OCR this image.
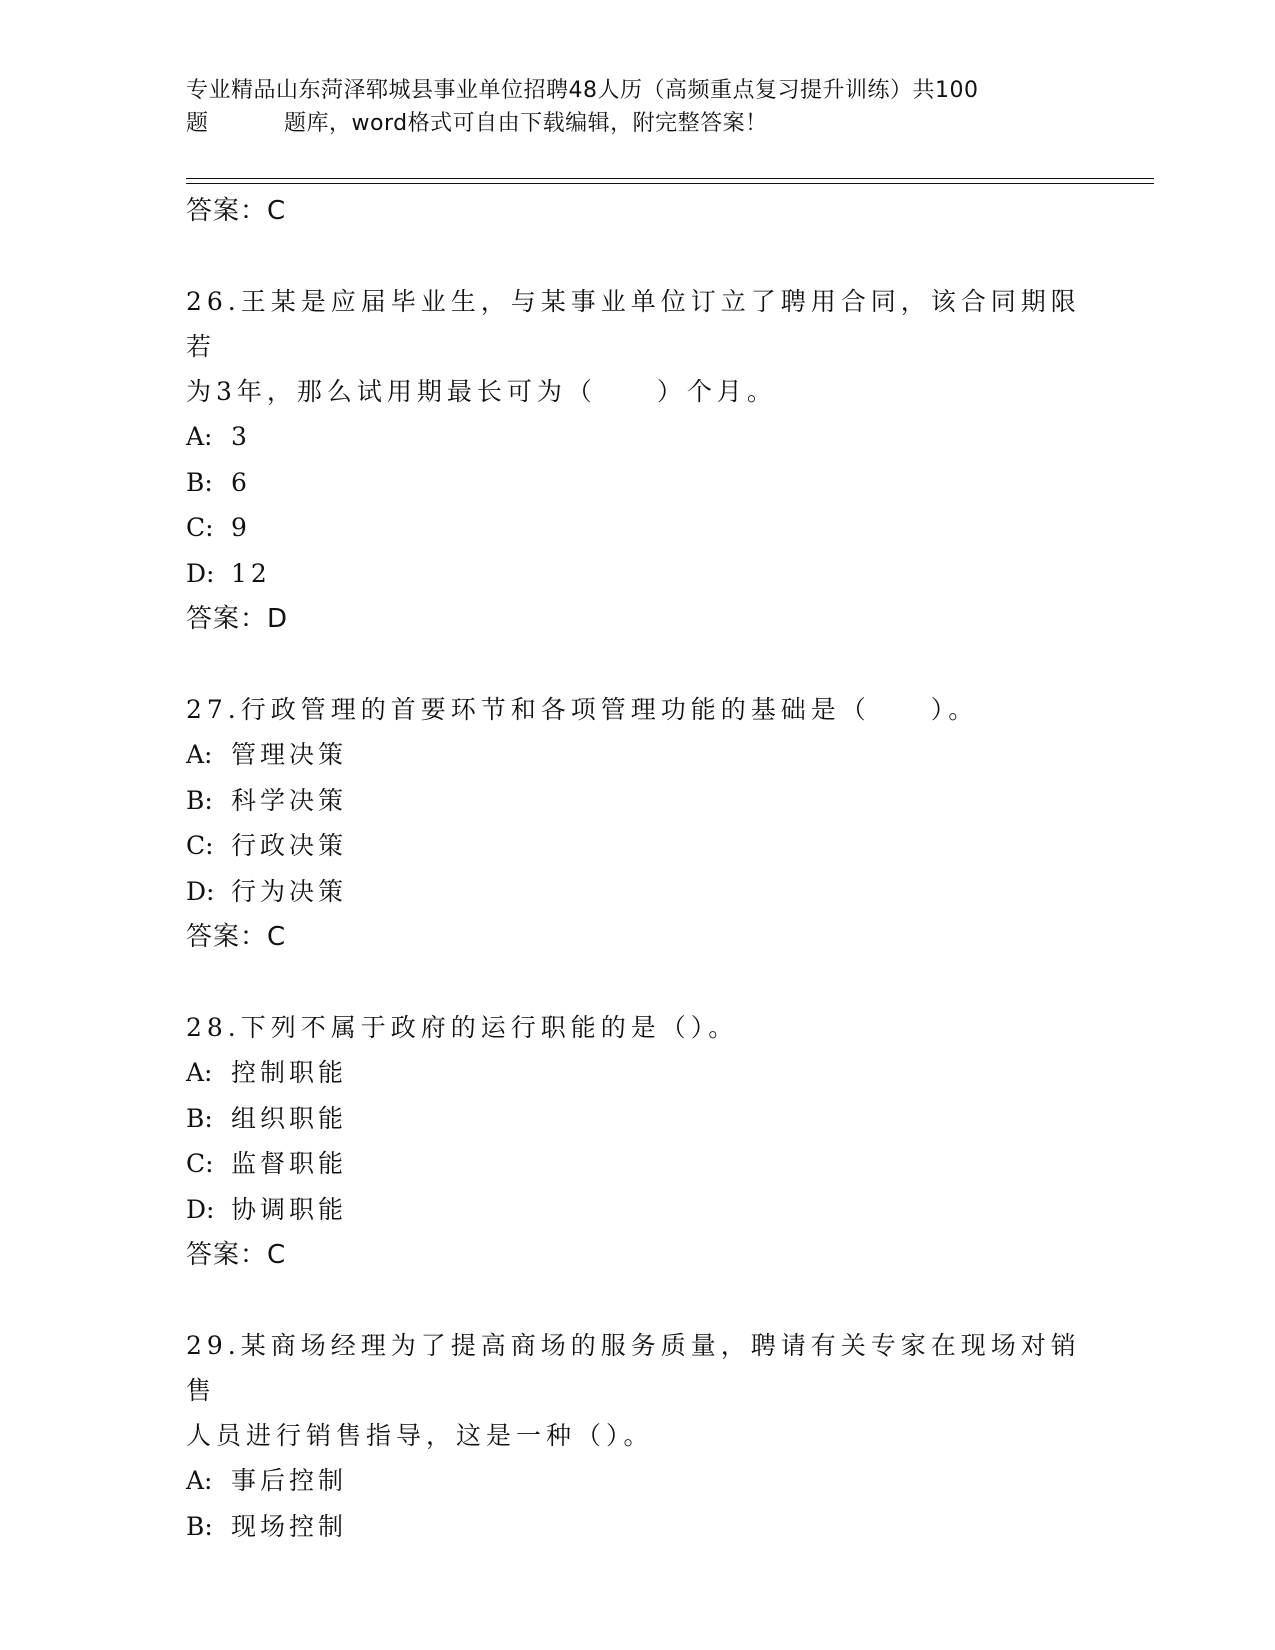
专业精品山东菏泽郓城县事业单位招聘48人历（高频重点复习提升训练）共100
题	题库，word格式可自由下载编辑，附完整答案！
答案：C
26.王某是应届毕业生，与某事业单位订立了聘用合同，该合同期限若
为3年，那么试用期最长可为（　　）个月。
A: 3
B: 6
C: 9
D: 12
答案：D
27.行政管理的首要环节和各项管理功能的基础是（　　）。
A: 管理决策
B: 科学决策
C: 行政决策
D: 行为决策
答案：C
28.下列不属于政府的运行职能的是（）。
A: 控制职能
B: 组织职能
C: 监督职能
D: 协调职能
答案：C
29.某商场经理为了提高商场的服务质量，聘请有关专家在现场对销售
人员进行销售指导，这是一种（）。
A: 事后控制
B: 现场控制
